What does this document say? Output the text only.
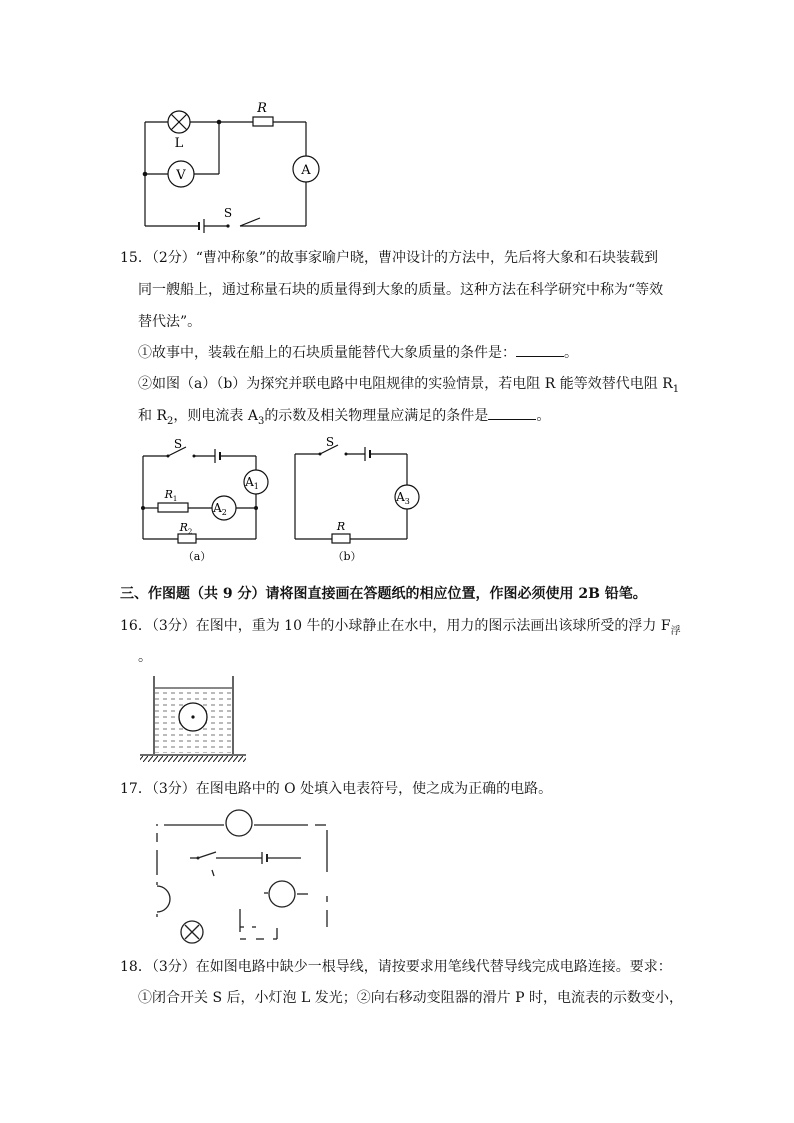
L
R
V	A
S
15．（2分）“曹冲称象”的故事家喻户晓，曹冲设计的方法中，先后将大象和石块装载到
同一艘船上，通过称量石块的质量得到大象的质量。这种方法在科学研究中称为“等效
替代法”。
①故事中，装载在船上的石块质量能替代大象质量的条件是：	。
②如图（a）（b）为探究并联电路中电阻规律的实验情景，若电阻 R 能等效替代电阻 $R_1$
和 $R_2$，则电流表 $A_3$的示数及相关物理量应满足的条件是	。
S
$A_1$
$A_2$
$R_1$
$R_2$
（a）
S
$A_3$
R
（b）
三、作图题（共 9 分）请将图直接画在答题纸的相应位置，作图必须使用 2B 铅笔。
16．（3分）在图中，重为 10 牛的小球静止在水中，用力的图示法画出该球所受的浮力 $F_浮$
。
17．（3分）在图电路中的 O 处填入电表符号，使之成为正确的电路。
18．（3分）在如图电路中缺少一根导线，请按要求用笔线代替导线完成电路连接。要求：
①闭合开关 S 后，小灯泡 L 发光；②向右移动变阻器的滑片 P 时，电流表的示数变小，
